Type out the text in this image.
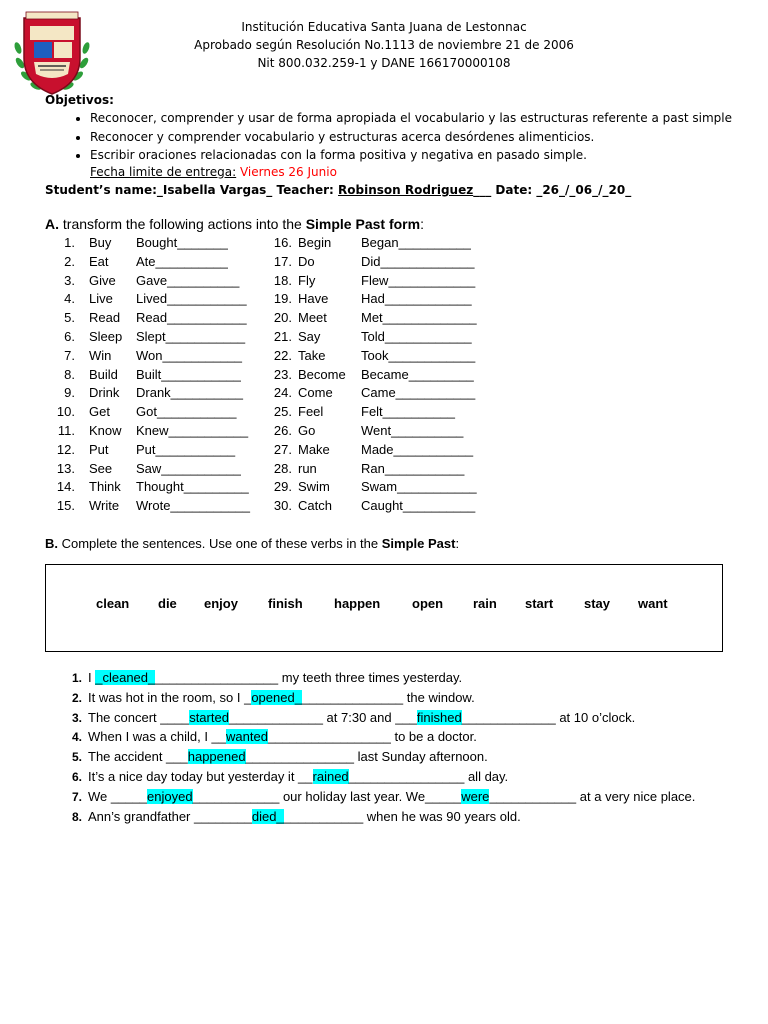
Institución Educativa Santa Juana de Lestonnac
Aprobado según Resolución No.1113 de noviembre 21 de 2006
Nit 800.032.259-1 y DANE 166170000108
Objetivos:
• Reconocer, comprender y usar de forma apropiada el vocabulario y las estructuras referente a past simple
• Reconocer y comprender vocabulario y estructuras acerca desórdenes alimenticios.
• Escribir oraciones relacionadas con la forma positiva y negativa en pasado simple.
Fecha limite de entrega: Viernes 26 Junio
Student’s name:_Isabella Vargas_ Teacher: Robinson Rodriguez___ Date: _26_/_06_/_20_
A. transform the following actions into the Simple Past form:
1. Buy Bought_______
2. Eat Ate__________
3. Give Gave__________
4. Live Lived___________
5. Read Read___________
6. Sleep Slept___________
7. Win Won___________
8. Build Built___________
9. Drink Drank__________
10. Get Got___________
11. Know Knew___________
12. Put Put___________
13. See Saw___________
14. Think Thought_________
15. Write Wrote___________
16. Begin Began__________
17. Do	Did_____________
18. Fly	Flew____________
19. Have	Had____________
20. Meet	Met_____________
21. Say	Told____________
22. Take	Took____________
23. Become Became_________
24. Come Came___________
25. Feel	Felt__________
26. Go	Went__________
27. Make Made___________
28. run	Ran___________
29. Swim Swam___________
30. Catch Caught__________
B. Complete the sentences. Use one of these verbs in the Simple Past:
clean die enjoy finish happen open rain start stay want
1. I _cleaned__________________ my teeth three times yesterday.
2. It was hot in the room, so I _opened_______________ the window.
3. The concert ____started_____________ at 7:30 and ___finished_____________ at 10 o’clock.
4. When I was a child, I __wanted_________________ to be a doctor.
5. The accident ___happened_______________ last Sunday afternoon.
6. It’s a nice day today but yesterday it __rained________________ all day.
7. We _____enjoyed____________ our holiday last year. We_____were____________ at a very nice place.
8. Ann’s grandfather ________died____________ when he was 90 years old.
